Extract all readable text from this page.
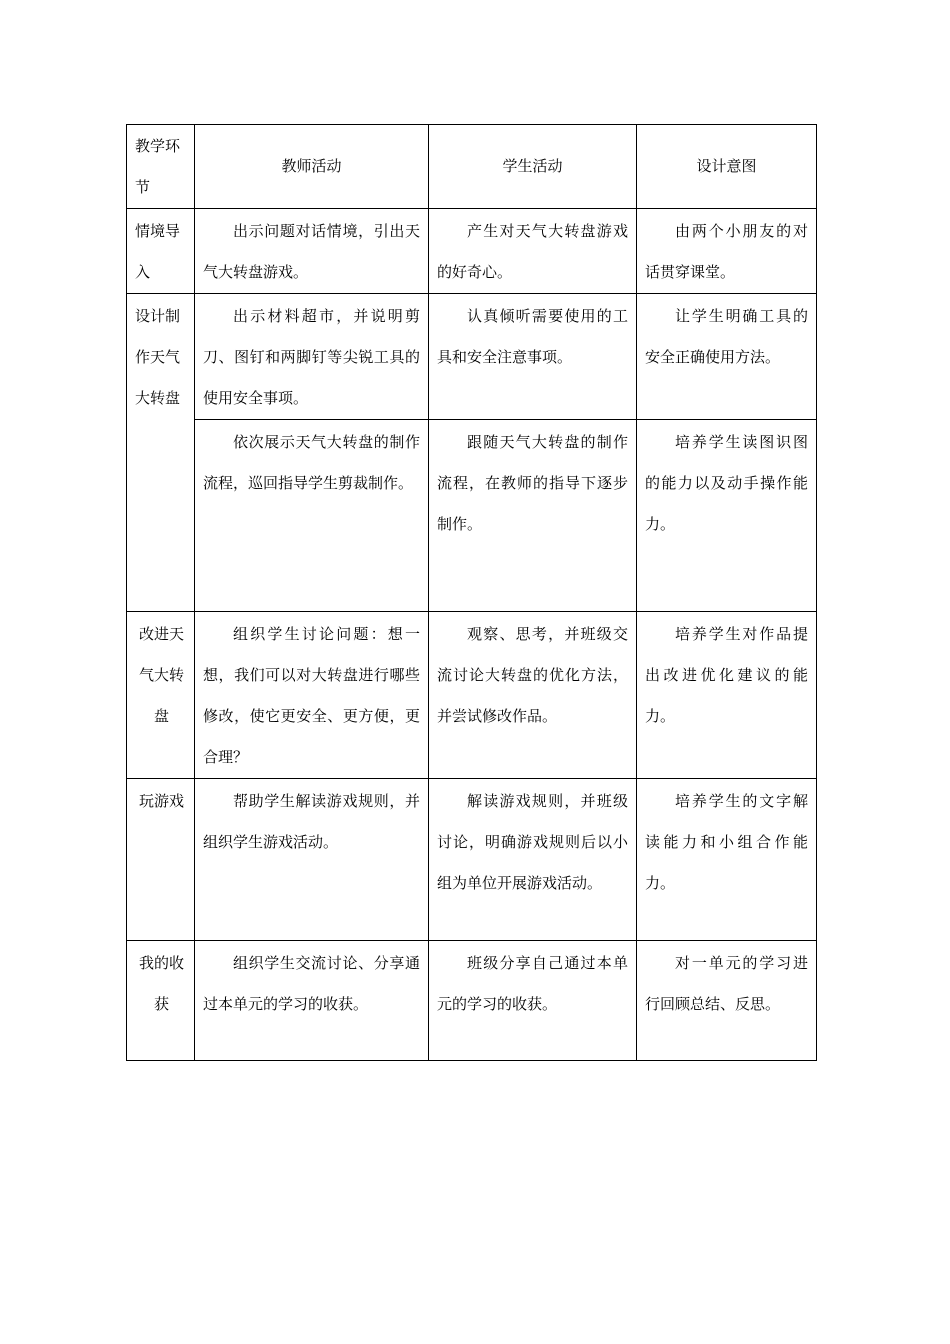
教学环节	教师活动	学生活动	设计意图

情境导入	出示问题对话情境，引出天气大转盘游戏。	产生对天气大转盘游戏的好奇心。	由两个小朋友的对话贯穿课堂。

设计制作天气大转盘	出示材料超市，并说明剪刀、图钉和两脚钉等尖锐工具的使用安全事项。	认真倾听需要使用的工具和安全注意事项。	让学生明确工具的安全正确使用方法。

	依次展示天气大转盘的制作流程，巡回指导学生剪裁制作。	跟随天气大转盘的制作流程，在教师的指导下逐步制作。	培养学生读图识图的能力以及动手操作能力。

改进天气大转盘	组织学生讨论问题：想一想，我们可以对大转盘进行哪些修改，使它更安全、更方便，更合理？	观察、思考，并班级交流讨论大转盘的优化方法，并尝试修改作品。	培养学生对作品提出改进优化建议的能力。

玩游戏	帮助学生解读游戏规则，并组织学生游戏活动。	解读游戏规则，并班级讨论，明确游戏规则后以小组为单位开展游戏活动。	培养学生的文字解读能力和小组合作能力。

我的收获	组织学生交流讨论、分享通过本单元的学习的收获。	班级分享自己通过本单元的学习的收获。	对一单元的学习进行回顾总结、反思。
